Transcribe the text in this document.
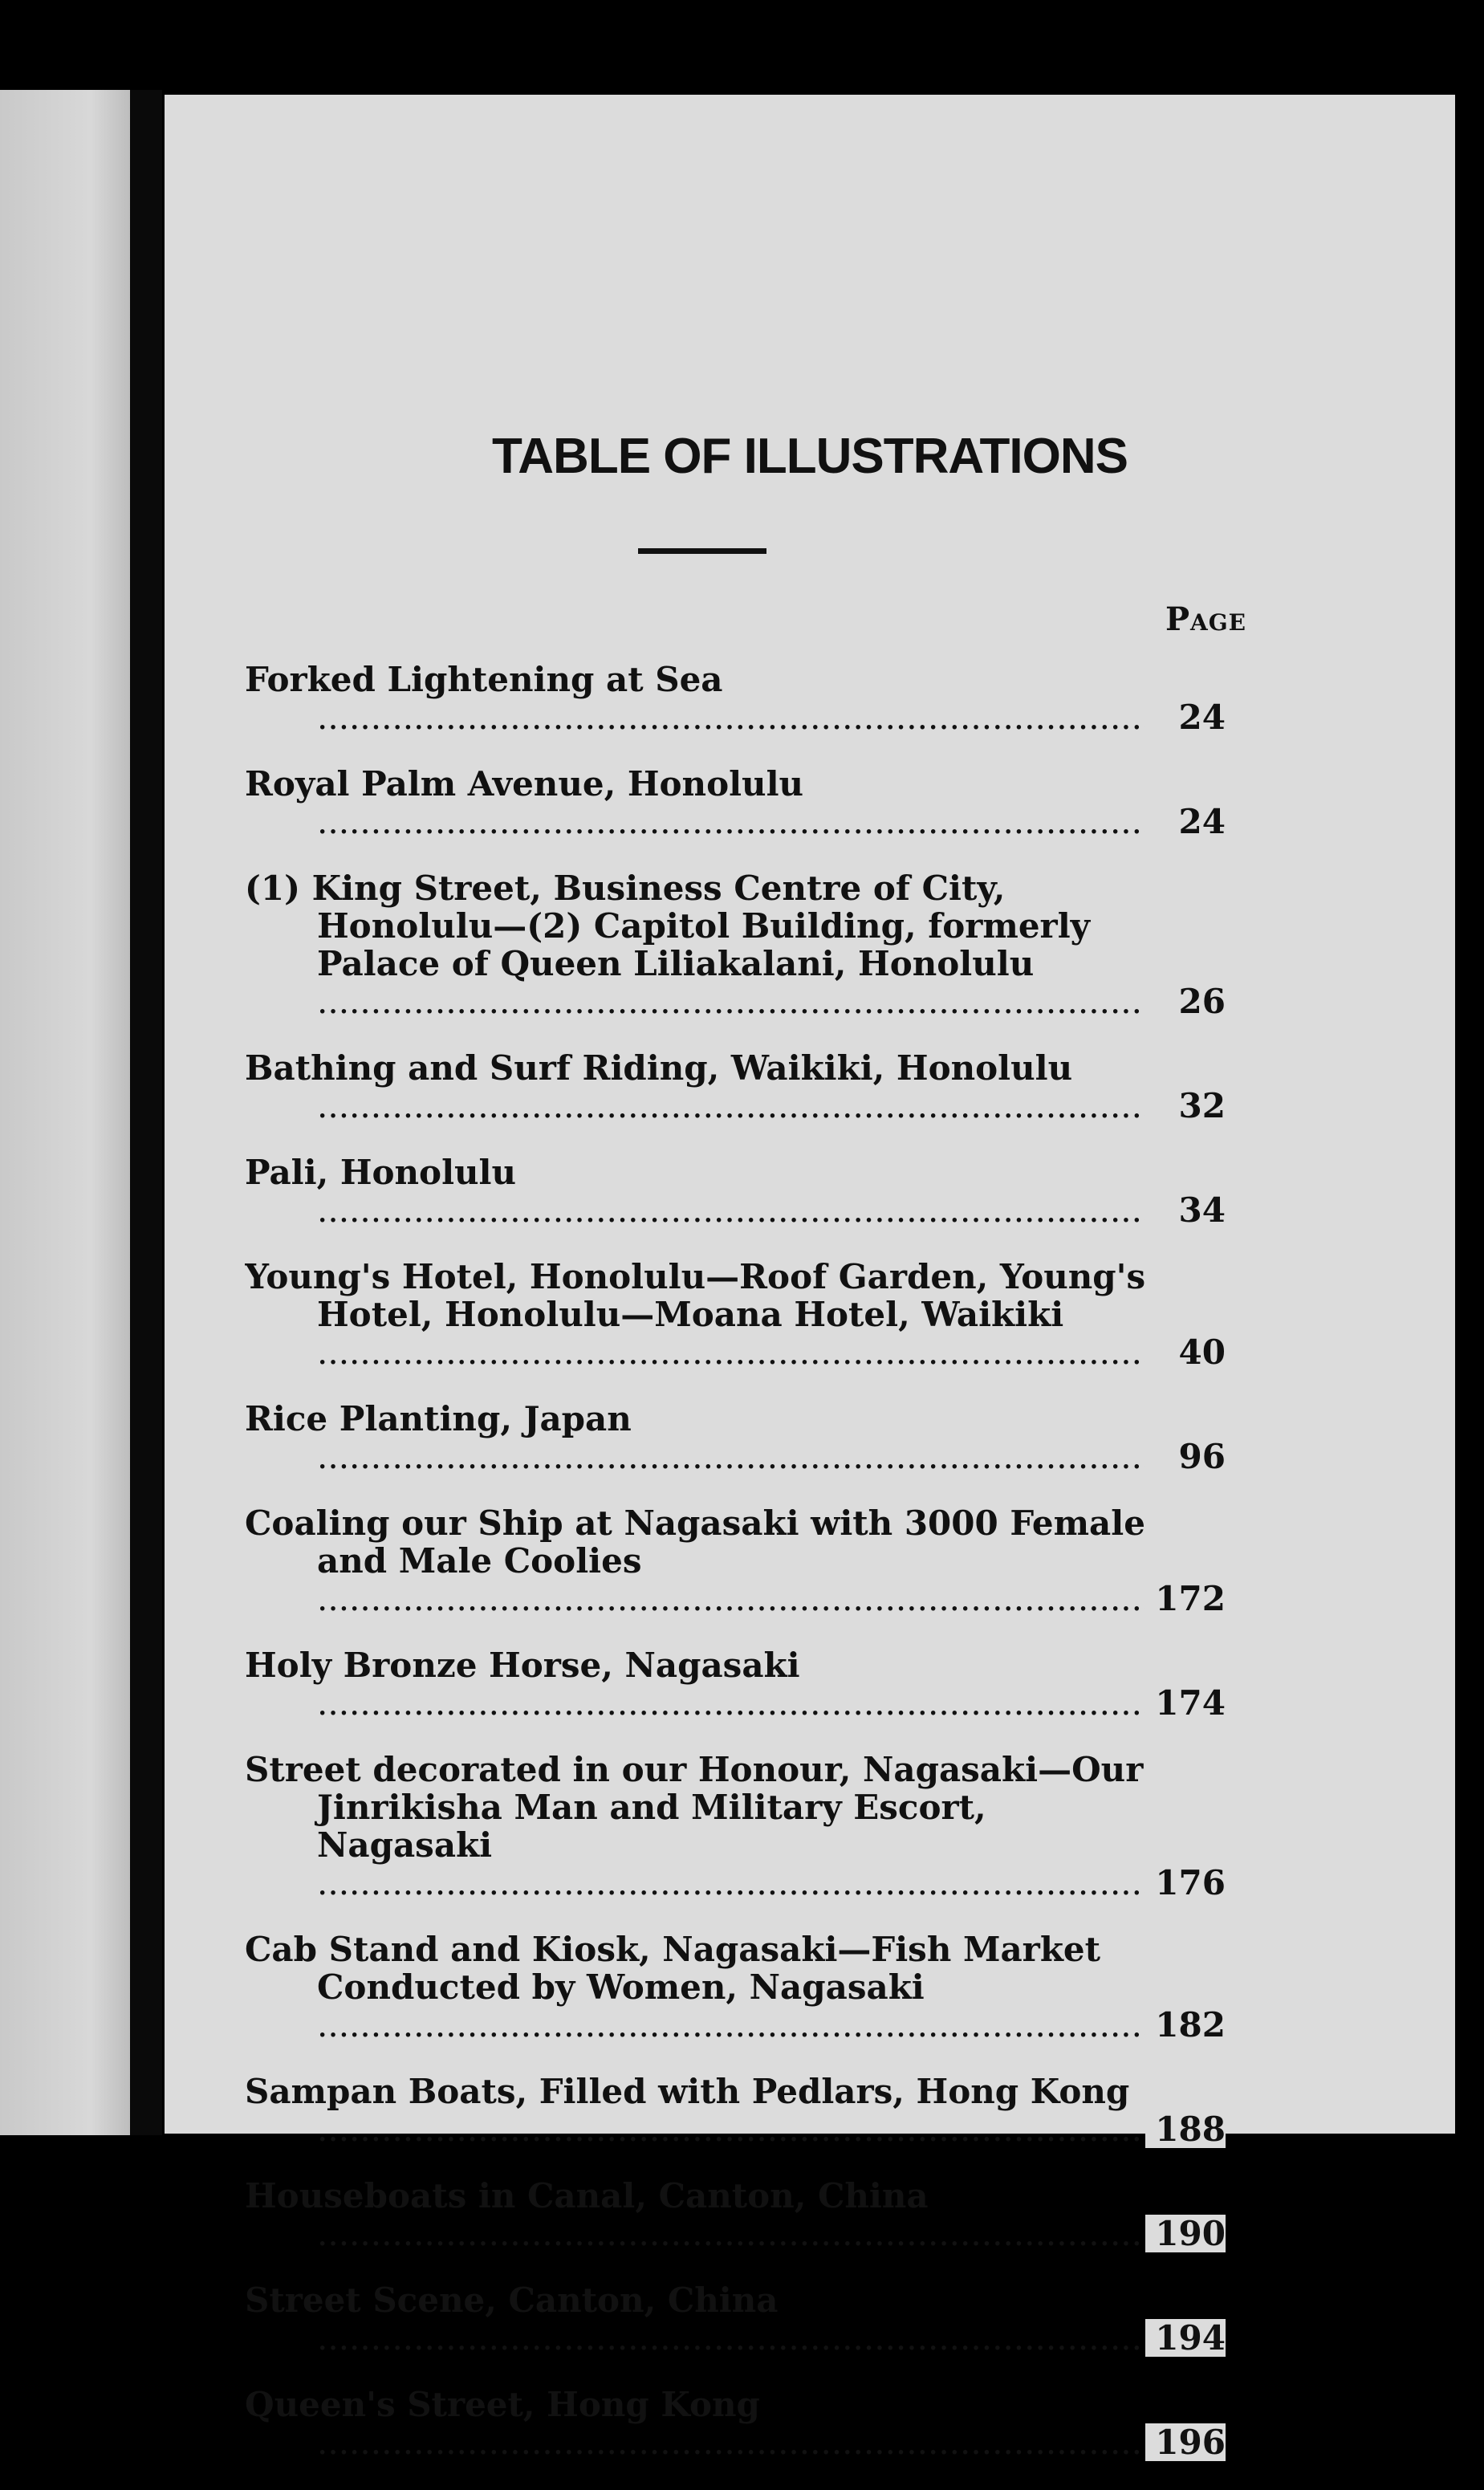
TABLE OF ILLUSTRATIONS
Page
Forked Lightening at Sea .....
24
Royal Palm Avenue, Honolulu .....
24
(1) King Street, Business Centre of City, Honolulu—(2) Capitol Building, formerly Palace of Queen Liliakalani, Honolulu .....
26
Bathing and Surf Riding, Waikiki, Honolulu .....
32
Pali, Honolulu .....
34
Young's Hotel, Honolulu—Roof Garden, Young's Hotel, Honolulu—Moana Hotel, Waikiki .....
40
Rice Planting, Japan .....
96
Coaling our Ship at Nagasaki with 3000 Female and Male Coolies .....
172
Holy Bronze Horse, Nagasaki .....
174
Street decorated in our Honour, Nagasaki—Our Jinrikisha Man and Military Escort, Nagasaki .....
176
Cab Stand and Kiosk, Nagasaki—Fish Market Conducted by Women, Nagasaki .....
182
Sampan Boats, Filled with Pedlars, Hong Kong .....
188
Houseboats in Canal, Canton, China .....
190
Street Scene, Canton, China .....
194
Queen's Street, Hong Kong .....
196
